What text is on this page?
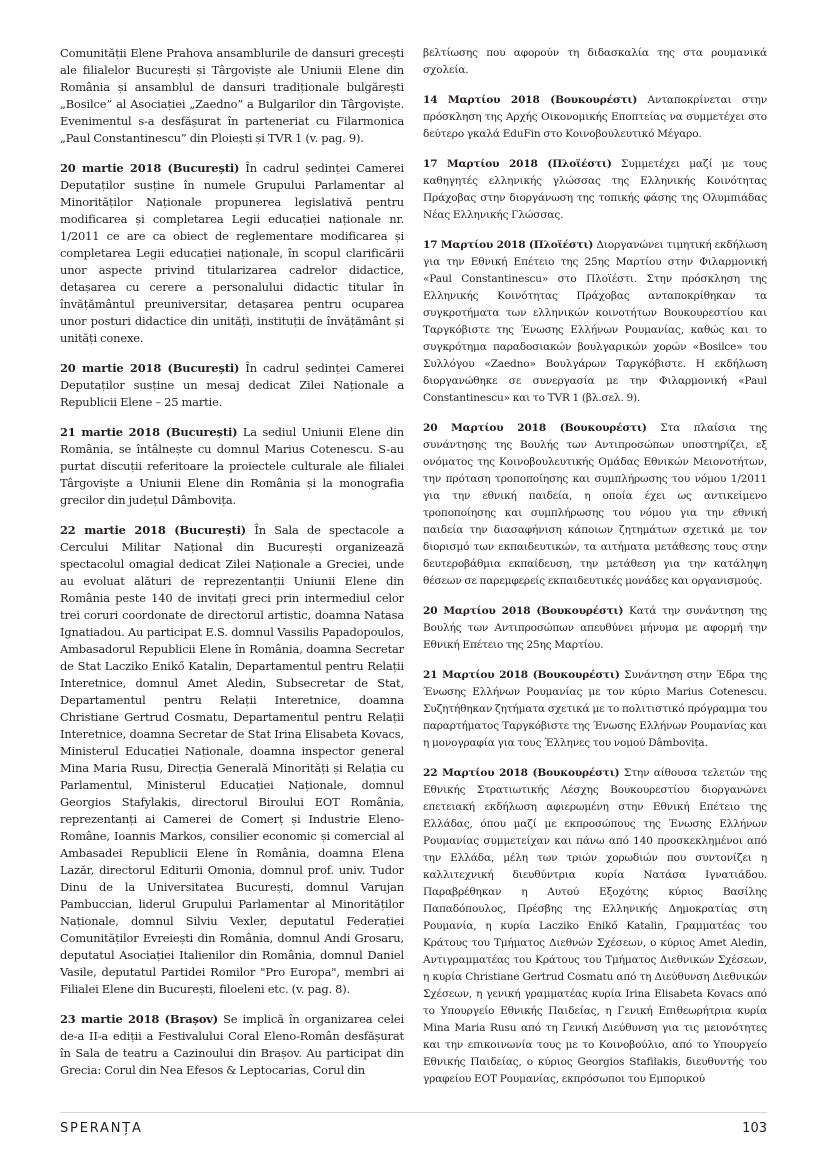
Comunității Elene Prahova ansamblurile de dansuri grecești ale filialelor București și Târgoviște ale Uniunii Elene din România și ansamblul de dansuri tradiționale bulgărești „Bosilce” al Asociației „Zaedno” a Bulgarilor din Târgoviște. Evenimentul s-a desfășurat în parteneriat cu Filarmonica „Paul Constantinescu” din Ploiești și TVR 1 (v. pag. 9).

20 martie 2018 (București) În cadrul ședinței Camerei Deputaților susține în numele Grupului Parlamentar al Minorităților Naționale propunerea legislativă pentru modificarea și completarea Legii educației naționale nr. 1/2011 ce are ca obiect de reglementare modificarea și completarea Legii educației naționale, în scopul clarificării unor aspecte privind titularizarea cadrelor didactice, detașarea cu cerere a personalului didactic titular în învățământul preuniversitar, detașarea pentru ocuparea unor posturi didactice din unități, instituții de învățământ și unități conexe.

20 martie 2018 (București) În cadrul ședinței Camerei Deputaților susține un mesaj dedicat Zilei Naționale a Republicii Elene – 25 martie.

21 martie 2018 (București) La sediul Uniunii Elene din România, se întâlnește cu domnul Marius Cotenescu. S-au purtat discuții referitoare la proiectele culturale ale filialei Târgoviște a Uniunii Elene din România și la monografia grecilor din județul Dâmbovița.

22 martie 2018 (București) În Sala de spectacole a Cercului Militar Național din București organizează spectacolul omagial dedicat Zilei Naționale a Greciei, unde au evoluat alături de reprezentanții Uniunii Elene din România peste 140 de invitați greci prin intermediul celor trei coruri coordonate de directorul artistic, doamna Natasa Ignatiadou. Au participat E.S. domnul Vassilis Papadopoulos, Ambasadorul Republicii Elene în România, doamna Secretar de Stat Lacziko Enikő Katalin, Departamentul pentru Relații Interetnice, domnul Amet Aledin, Subsecretar de Stat, Departamentul pentru Relații Interetnice, doamna Christiane Gertrud Cosmatu, Departamentul pentru Relații Interetnice, doamna Secretar de Stat Irina Elisabeta Kovacs, Ministerul Educației Naționale, doamna inspector general Mina Maria Rusu, Direcția Generală Minorități și Relația cu Parlamentul, Ministerul Educației Naționale, domnul Georgios Stafylakis, directorul Biroului EOT România, reprezentanți ai Camerei de Comerț și Industrie Eleno-Române, Ioannis Markos, consilier economic și comercial al Ambasadei Republicii Elene în România, doamna Elena Lazăr, directorul Editurii Omonia, domnul prof. univ. Tudor Dinu de la Universitatea București, domnul Varujan Pambuccian, liderul Grupului Parlamentar al Minorităților Naționale, domnul Silviu Vexler, deputatul Federației Comunităților Evreiești din România, domnul Andi Grosaru, deputatul Asociației Italienilor din România, domnul Daniel Vasile, deputatul Partidei Romilor "Pro Europa", membri ai Filialei Elene din București, filoeleni etc. (v. pag. 8).

23 martie 2018 (Brașov) Se implică în organizarea celei de-a II-a ediții a Festivalului Coral Eleno-Român desfășurat în Sala de teatru a Cazinoului din Brașov. Au participat din Grecia: Corul din Nea Efesos & Leptocarias, Corul din

βελτίωσης που αφορούν τη διδασκαλία της στα ρουμανικά σχολεία.

14 Μαρτίου 2018 (Βουκουρέστι) Ανταποκρίνεται στην πρόσκληση της Αρχής Οικονομικής Εποπτείας να συμμετέχει στο δεύτερο γκαλά EduFin στο Κοινοβουλευτικό Μέγαρο.

17 Μαρτίου 2018 (Πλοϊέστι) Συμμετέχει μαζί με τους καθηγητές ελληνικής γλώσσας της Ελληνικής Κοινότητας Πράχοβας στην διοργάνωση της τοπικής φάσης της Ολυμπιάδας Νέας Ελληνικής Γλώσσας.

17 Μαρτίου 2018 (Πλοϊέστι) Διοργανώνει τιμητική εκδήλωση για την Εθνική Επέτειο της 25ης Μαρτίου στην Φιλαρμονική «Paul Constantinescu» στο Πλοϊέστι. Στην πρόσκληση της Ελληνικής Κοινότητας Πράχοβας ανταποκρίθηκαν τα συγκροτήματα των ελληνικών κοινοτήτων Βουκουρεστίου και Ταργκόβιστε της Ένωσης Ελλήνων Ρουμανίας, καθώς και το συγκρότημα παραδοσιακών βουλγαρικών χορών «Bosilce» του Συλλόγου «Zaedno» Βουλγάρων Ταργκόβιστε. Η εκδήλωση διοργανώθηκε σε συνεργασία με την Φιλαρμονική «Paul Constantinescu» και το TVR 1 (βλ.σελ. 9).

20 Μαρτίου 2018 (Βουκουρέστι) Στα πλαίσια της συνάντησης της Βουλής των Αντιπροσώπων υποστηρίζει, εξ ονόματος της Κοινοβουλευτικής Ομάδας Εθνικών Μειονοτήτων, την πρόταση τροποποίησης και συμπλήρωσης του νόμου 1/2011 για την εθνική παιδεία, η οποία έχει ως αντικείμενο τροποποίησης και συμπλήρωσης του νόμου για την εθνική παιδεία την διασαφήνιση κάποιων ζητημάτων σχετικά με τον διορισμό των εκπαιδευτικών, τα αιτήματα μετάθεσης τους στην δευτεροβάθμια εκπαίδευση, την μετάθεση για την κατάληψη θέσεων σε παρεμφερείς εκπαιδευτικές μονάδες και οργανισμούς.

20 Μαρτίου 2018 (Βουκουρέστι) Κατά την συνάντηση της Βουλής των Αντιπροσώπων απευθύνει μήνυμα με αφορμή την Εθνική Επέτειο της 25ης Μαρτίου.

21 Μαρτίου 2018 (Βουκουρέστι) Συνάντηση στην Έδρα της Ένωσης Ελλήνων Ρουμανίας με τον κύριο Marius Cotenescu. Συζητήθηκαν ζητήματα σχετικά με το πολιτιστικό πρόγραμμα του παραρτήματος Ταργκόβιστε της Ένωσης Ελλήνων Ρουμανίας και η μονογραφία για τους Έλληνες του νομού Dâmbovița.

22 Μαρτίου 2018 (Βουκουρέστι) Στην αίθουσα τελετών της Εθνικής Στρατιωτικής Λέσχης Βουκουρεστίου διοργανώνει επετειακή εκδήλωση αφιερωμένη στην Εθνική Επέτειο της Ελλάδας, όπου μαζί με εκπροσώπους της Ένωσης Ελλήνων Ρουμανίας συμμετείχαν και πάνω από 140 προσκεκλημένοι από την Ελλάδα, μέλη των τριών χορωδιών που συντονίζει η καλλιτεχνική διευθύντρια κυρία Νατάσα Ιγνατιάδου. Παραβρέθηκαν η Αυτού Εξοχότης κύριος Βασίλης Παπαδόπουλος, Πρέσβης της Ελληνικής Δημοκρατίας στη Ρουμανία, η κυρία Lacziko Enikő Katalin, Γραμματέας του Κράτους του Τμήματος Διεθνών Σχέσεων, ο κύριος Amet Aledin, Αντιγραμματέας του Κράτους του Τμήματος Διεθνικών Σχέσεων, η κυρία Christiane Gertrud Cosmatu από τη Διεύθυνση Διεθνικών Σχέσεων, η γενική γραμματέας κυρία Irina Elisabeta Kovacs από το Υπουργείο Εθνικής Παιδείας, η Γενική Επιθεωρήτρια κυρία Mina Maria Rusu από τη Γενική Διεύθυνση για τις μειονότητες και την επικοινωνία τους με το Κοινοβούλιο, από το Υπουργείο Εθνικής Παιδείας, ο κύριος Georgios Stafilakis, διευθυντής του γραφείου EOT Ρουμανίας, εκπρόσωποι του Εμπορικού

SPERANȚA	103
